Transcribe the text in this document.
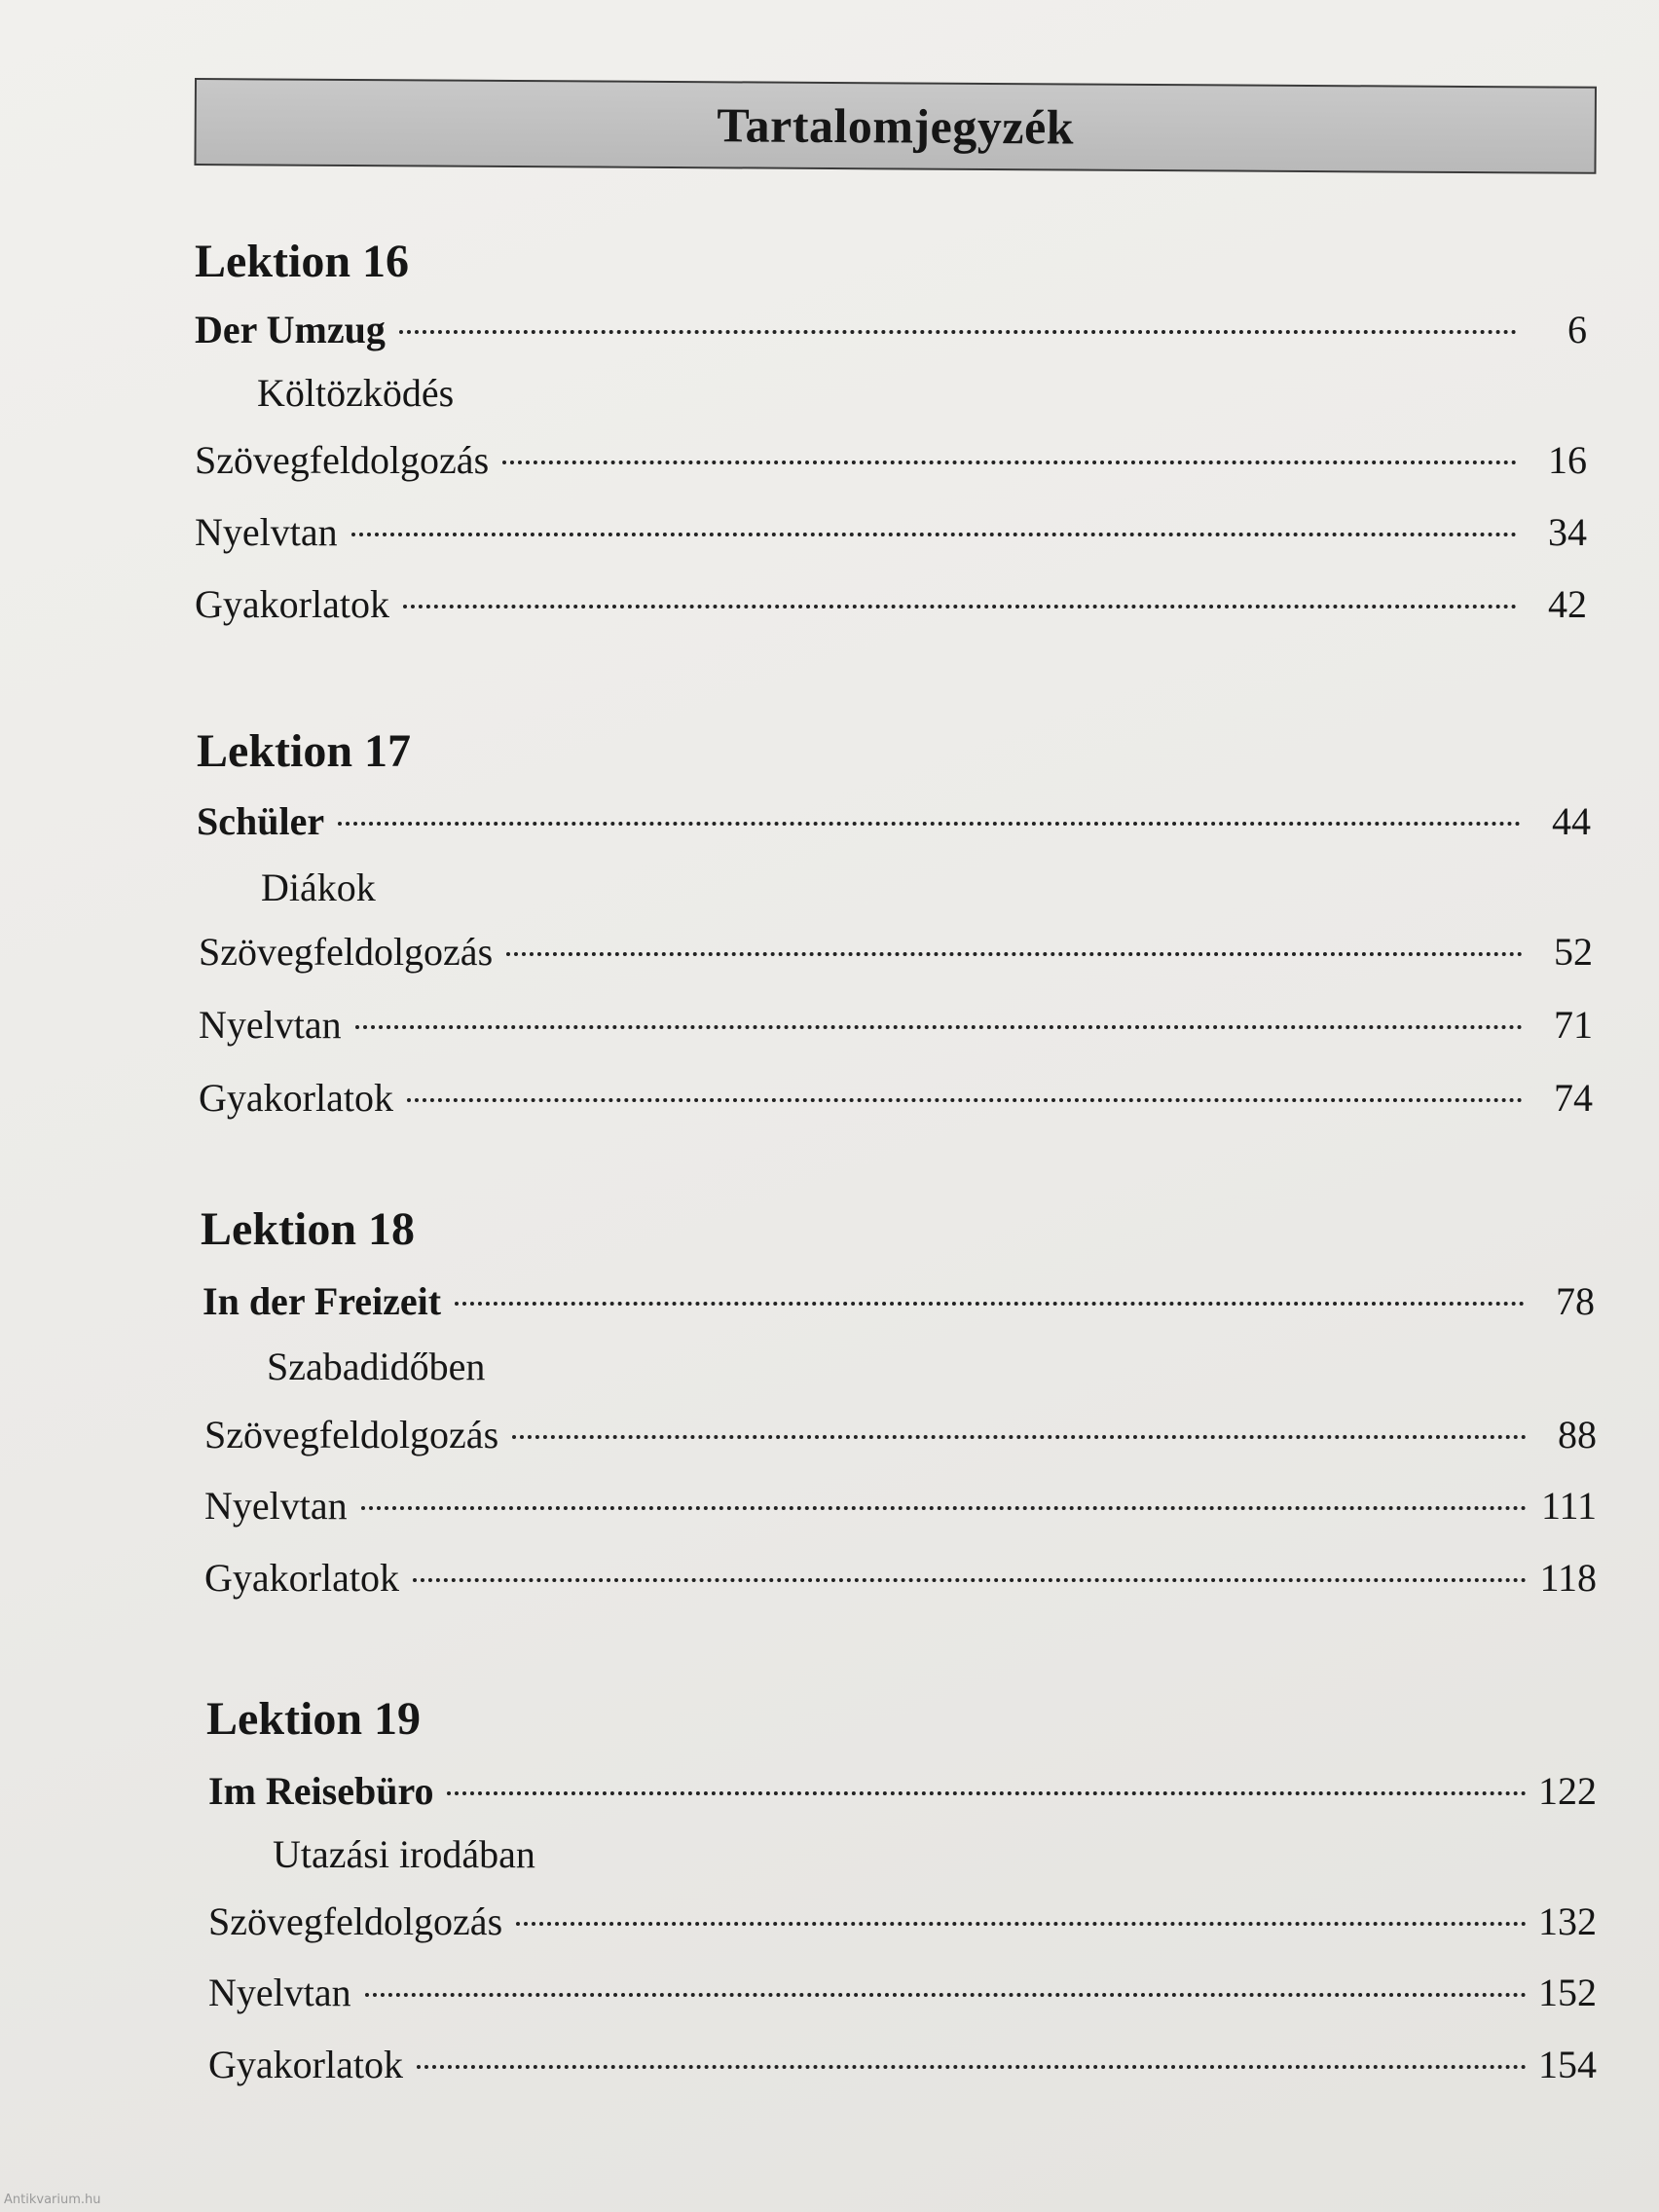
Tartalomjegyzék
Lektion 16
Der Umzug	6
Költözködés
Szövegfeldolgozás	16
Nyelvtan	34
Gyakorlatok	42
Lektion 17
Schüler	44
Diákok
Szövegfeldolgozás	52
Nyelvtan	71
Gyakorlatok	74
Lektion 18
In der Freizeit	78
Szabadidőben
Szövegfeldolgozás	88
Nyelvtan	111
Gyakorlatok	118
Lektion 19
Im Reisebüro	122
Utazási irodában
Szövegfeldolgozás	132
Nyelvtan	152
Gyakorlatok	154
Antikvarium.hu
